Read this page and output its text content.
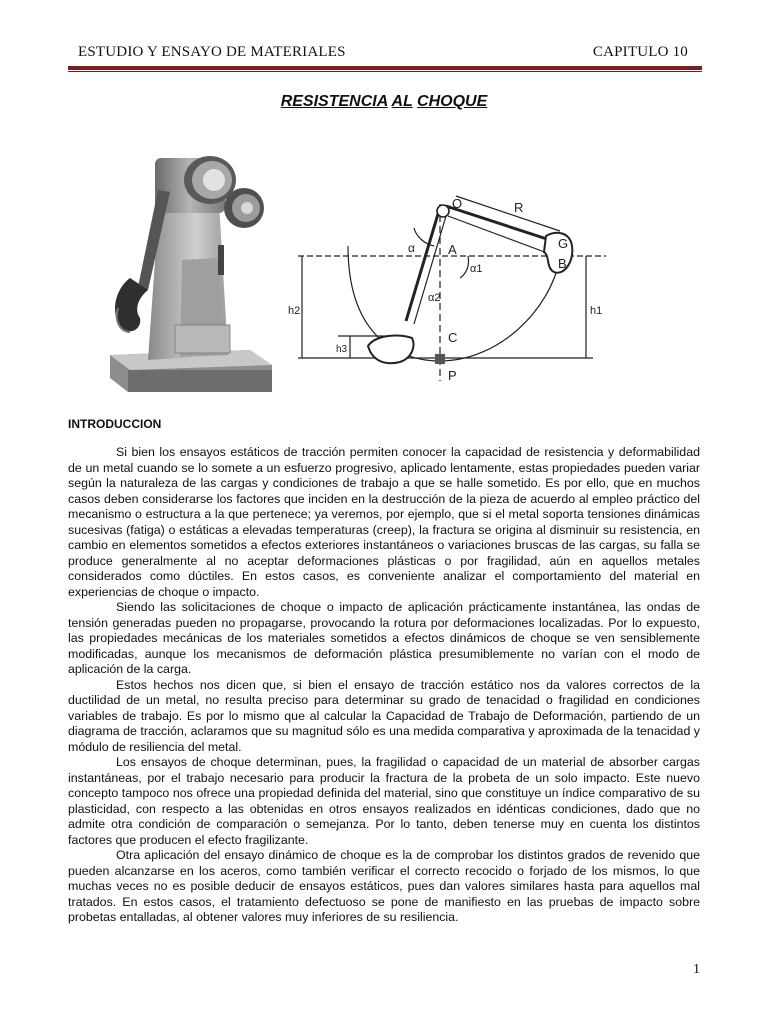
ESTUDIO Y ENSAYO DE MATERIALES	CAPITULO 10
RESISTENCIA AL CHOQUE
O	R
G
B
A
C
P
α
α1
α2
h2	h1
h3
INTRODUCCION

Si bien los ensayos estáticos de tracción permiten conocer la capacidad de resistencia y deformabilidad de un metal cuando se lo somete a un esfuerzo progresivo, aplicado lentamente, estas propiedades pueden variar según la naturaleza de las cargas y condiciones de trabajo a que se halle sometido. Es por ello, que en muchos casos deben considerarse los factores que inciden en la destrucción de la pieza de acuerdo al empleo práctico del mecanismo o estructura a la que pertenece; ya veremos, por ejemplo, que si el metal soporta tensiones dinámicas sucesivas (fatiga) o estáticas a elevadas temperaturas (creep), la fractura se origina al disminuir su resistencia, en cambio en elementos sometidos a efectos exteriores instantáneos o variaciones bruscas de las cargas, su falla se produce generalmente al no aceptar deformaciones plásticas o por fragilidad, aún en aquellos metales considerados como dúctiles. En estos casos, es conveniente analizar el comportamiento del material en experiencias de choque o impacto.

Siendo las solicitaciones de choque o impacto de aplicación prácticamente instantánea, las ondas de tensión generadas pueden no propagarse, provocando la rotura por deformaciones localizadas. Por lo expuesto, las propiedades mecánicas de los materiales sometidos a efectos dinámicos de choque se ven sensiblemente modificadas, aunque los mecanismos de deformación plástica presumiblemente no varían con el modo de aplicación de la carga.

Estos hechos nos dicen que, si bien el ensayo de tracción estático nos da valores correctos de la ductilidad de un metal, no resulta preciso para determinar su grado de tenacidad o fragilidad en condiciones variables de trabajo. Es por lo mismo que al calcular la Capacidad de Trabajo de Deformación, partiendo de un diagrama de tracción, aclaramos que su magnitud sólo es una medida comparativa y aproximada de la tenacidad y módulo de resiliencia del metal.

Los ensayos de choque determinan, pues, la fragilidad o capacidad de un material de absorber cargas instantáneas, por el trabajo necesario para producir la fractura de la probeta de un solo impacto. Este nuevo concepto tampoco nos ofrece una propiedad definida del material, sino que constituye un índice comparativo de su plasticidad, con respecto a las obtenidas en otros ensayos realizados en idénticas condiciones, dado que no admite otra condición de comparación o semejanza. Por lo tanto, deben tenerse muy en cuenta los distintos factores que producen el efecto fragilizante.

Otra aplicación del ensayo dinámico de choque es la de comprobar los distintos grados de revenido que pueden alcanzarse en los aceros, como también verificar el correcto recocido o forjado de los mismos, lo que muchas veces no es posible deducir de ensayos estáticos, pues dan valores similares hasta para aquellos mal tratados. En estos casos, el tratamiento defectuoso se pone de manifiesto en las pruebas de impacto sobre probetas entalladas, al obtener valores muy inferiores de su resiliencia.

1
